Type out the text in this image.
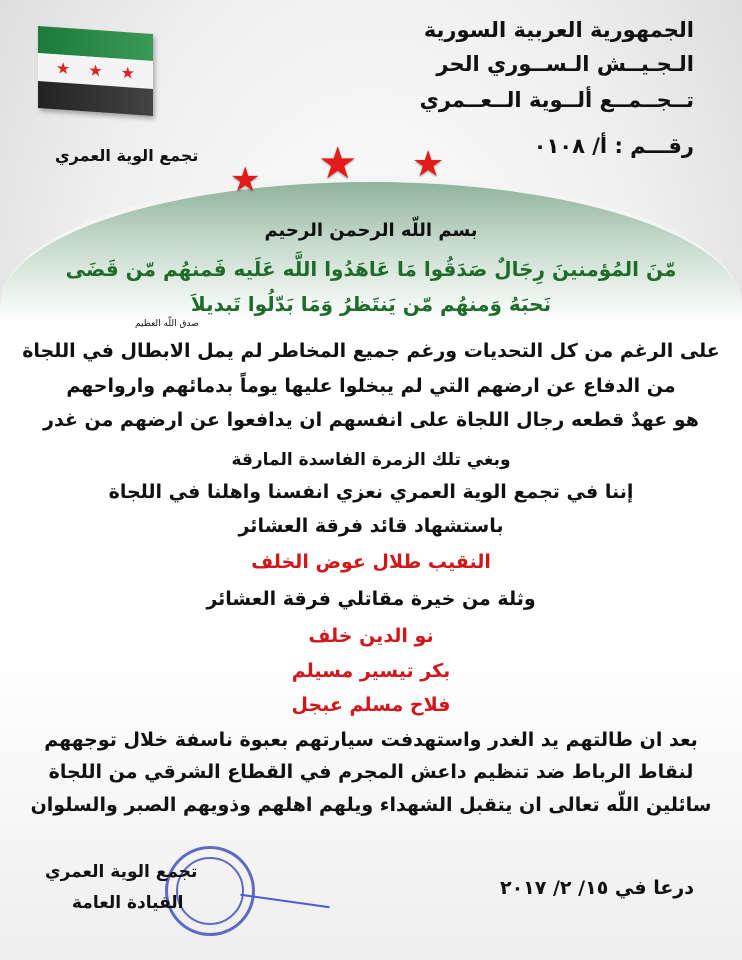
★ ★ ★
تجمع الوية العمري
الجمهورية العربية السورية
الـجـيــش الـســوري الحر
تــجــمــع ألــوية الــعــمري
رقـــم : أ/ ٠١٠٨
★ ★ ★
بسم اللّه الرحمن الرحيم
مّنَ المُؤمنينَ رِجَالٌ صَدَقُوا مَا عَاهَدُوا اللَّه عَلَيه فَمنهُم مّن قَضَى
نَحبَهُ وَمنهُم مّن يَنتَظرُ وَمَا بَدّلُوا تَبديلاَ
صدق اللّه العظيم
على الرغم من كل التحديات ورغم جميع المخاطر لم يمل الابطال في اللجاة
من الدفاع عن ارضهم التي لم يبخلوا عليها يوماً بدمائهم وارواحهم
هو عهدٌ قطعه رجال اللجاة على انفسهم ان يدافعوا عن ارضهم من غدر
وبغي تلك الزمرة الفاسدة المارقة
إننا في تجمع الوية العمري نعزي انفسنا واهلنا في اللجاة
باستشهاد قائد فرقة العشائر
النقيب طلال عوض الخلف
وثلة من خيرة مقاتلي فرقة العشائر
نو الدين خلف
بكر تيسير مسيلم
فلاح مسلم عبجل
بعد ان طالتهم يد الغدر واستهدفت سيارتهم بعبوة ناسفة خلال توجههم
لنقاط الرباط ضد تنظيم داعش المجرم في القطاع الشرقي من اللجاة
سائلين اللّه تعالى ان يتقبل الشهداء ويلهم اهلهم وذويهم الصبر والسلوان
تجمع الوية العمري
القيادة العامة
درعا في ١٥/ ٢/ ٢٠١٧
